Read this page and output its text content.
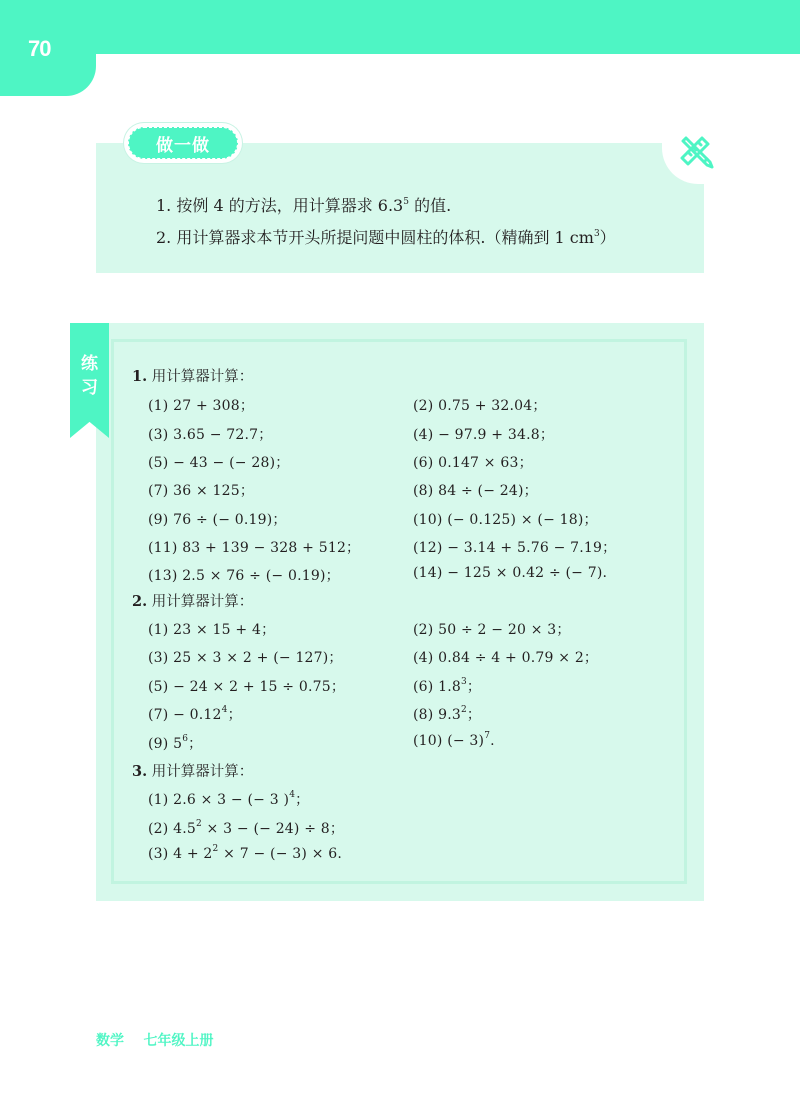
70
做一做
1. 按例 4 的方法，用计算器求 $6.3^5$ 的值.
2. 用计算器求本节开头所提问题中圆柱的体积.（精确到 1 $cm^3$）
练
习
1. 用计算器计算：
(1) 27 + 308；
(3) 3.65 − 72.7；
(5) − 43 − (− 28)；
(7) 36 × 125；
(9) 76 ÷ (− 0.19)；
(11) 83 + 139 − 328 + 512；
(13) 2.5 × 76 ÷ (− 0.19)；
(2) 0.75 + 32.04；
(4) − 97.9 + 34.8；
(6) 0.147 × 63；
(8) 84 ÷ (− 24)；
(10) (− 0.125) × (− 18)；
(12) − 3.14 + 5.76 − 7.19；
(14) − 125 × 0.42 ÷ (− 7).
2. 用计算器计算：
(1) 23 × 15 + 4；
(3) 25 × 3 × 2 + (− 127)；
(5) − 24 × 2 + 15 ÷ 0.75；
$(7) - 0.12^4$；
(9) $5^6$；
(2) 50 ÷ 2 − 20 × 3；
(4) 0.84 ÷ 4 + 0.79 × 2；
(6) $1.8^3$；
(8) $9.3^2$；
(10) (− 3)$^7$.
3. 用计算器计算：
(1) 2.6 × 3 − (− 3 )$^4$；
(2) $4.5^2 \times 3$ − (− 24) ÷ 8；
(3) $4 + 2^2 \times 7$ − (− 3) × 6.
数学    七年级上册
